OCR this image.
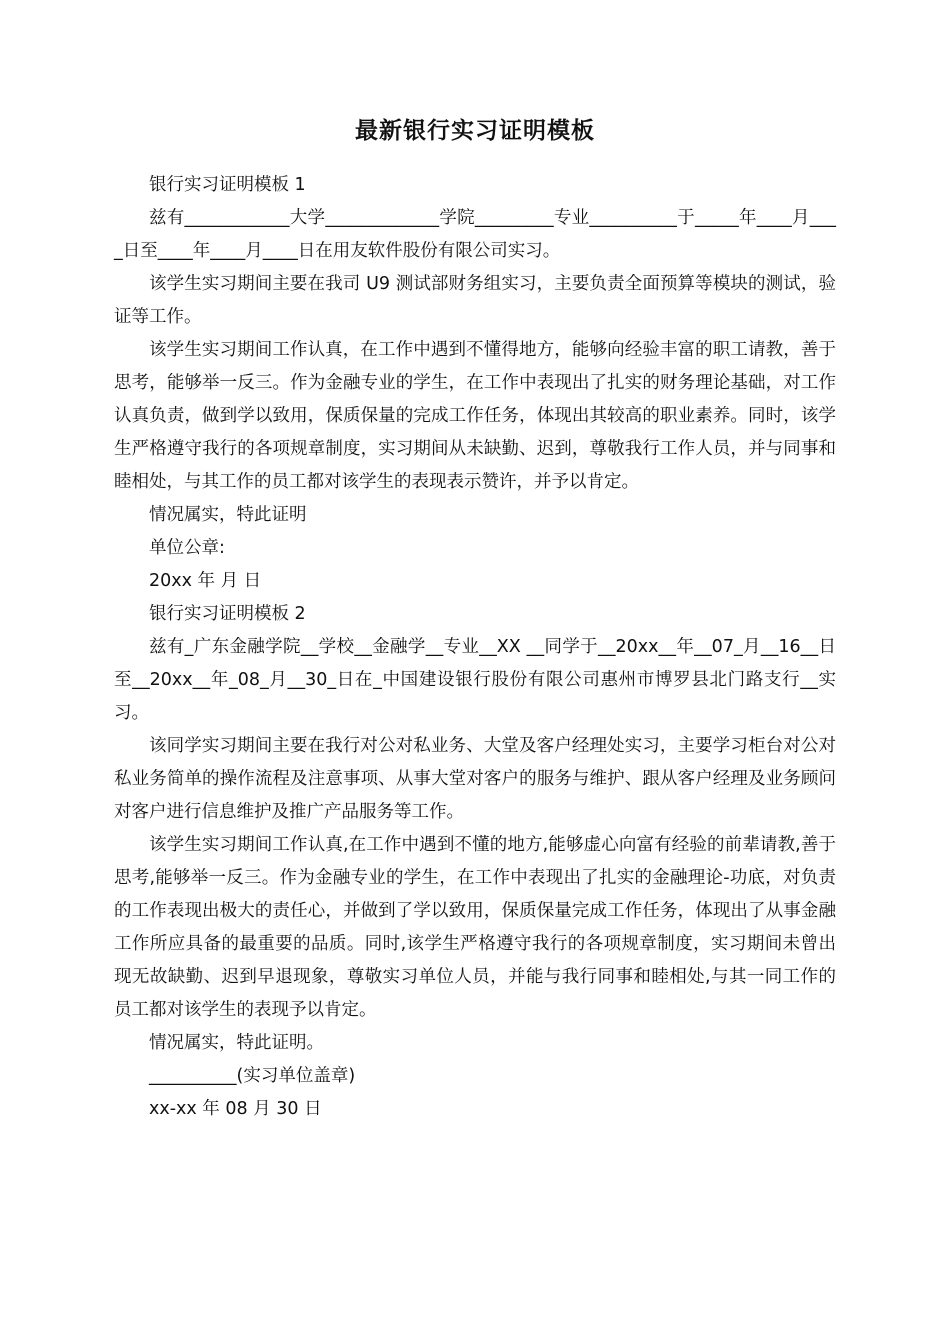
最新银行实习证明模板

银行实习证明模板 1

兹有____________大学_____________学院_________专业__________于_____年____月____日至____年____月____日在用友软件股份有限公司实习。

该学生实习期间主要在我司 U9 测试部财务组实习，主要负责全面预算等模块的测试，验证等工作。

该学生实习期间工作认真，在工作中遇到不懂得地方，能够向经验丰富的职工请教，善于思考，能够举一反三。作为金融专业的学生，在工作中表现出了扎实的财务理论基础，对工作认真负责，做到学以致用，保质保量的完成工作任务，体现出其较高的职业素养。同时，该学生严格遵守我行的各项规章制度，实习期间从未缺勤、迟到，尊敬我行工作人员，并与同事和睦相处，与其工作的员工都对该学生的表现表示赞许，并予以肯定。

情况属实，特此证明

单位公章:

20xx 年 月 日

银行实习证明模板 2

兹有_广东金融学院__学校__金融学__专业__XX __同学于__20xx__年__07_月__16__日至__20xx__年_08_月__30_日在_中国建设银行股份有限公司惠州市博罗县北门路支行__实习。

该同学实习期间主要在我行对公对私业务、大堂及客户经理处实习，主要学习柜台对公对私业务简单的操作流程及注意事项、从事大堂对客户的服务与维护、跟从客户经理及业务顾问对客户进行信息维护及推广产品服务等工作。

该学生实习期间工作认真,在工作中遇到不懂的地方,能够虚心向富有经验的前辈请教,善于思考,能够举一反三。作为金融专业的学生，在工作中表现出了扎实的金融理论-功底，对负责的工作表现出极大的责任心，并做到了学以致用，保质保量完成工作任务，体现出了从事金融工作所应具备的最重要的品质。同时,该学生严格遵守我行的各项规章制度，实习期间未曾出现无故缺勤、迟到早退现象，尊敬实习单位人员，并能与我行同事和睦相处,与其一同工作的员工都对该学生的表现予以肯定。

情况属实，特此证明。

__________(实习单位盖章)

xx-xx 年 08 月 30 日
